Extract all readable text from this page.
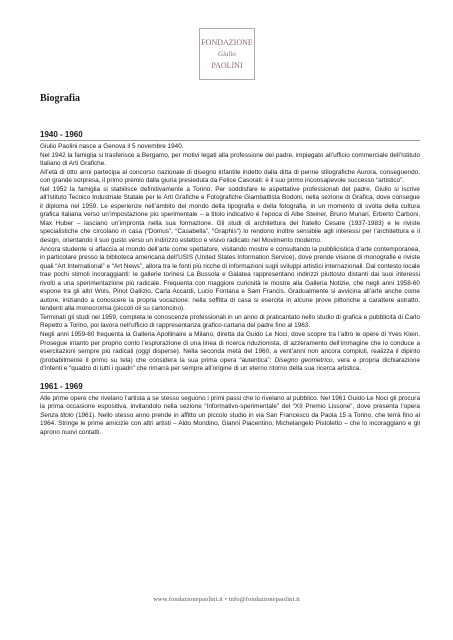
FONDAZIONE
Giulio
PAOLINI
Biografia
1940 - 1960

Giulio Paolini nasce a Genova il 5 novembre 1940.

Nel 1942 la famiglia si trasferisce a Bergamo, per motivi legati alla professione del padre, impiegato all’ufficio commerciale dell’Istituto Italiano di Arti Grafiche.

All’età di otto anni partecipa al concorso nazionale di disegno infantile indetto dalla ditta di penne stilografiche Aurora, conseguendo, con grande sorpresa, il primo premio dalla giuria presieduta da Felice Casorati: è il suo primo inconsapevole successo “artistico”.

Nel 1952 la famiglia si stabilisce definitivamente a Torino. Per soddisfare le aspettative professionali del padre, Giulio si iscrive all’Istituto Tecnico Industriale Statale per le Arti Grafiche e Fotografiche Giambattista Bodoni, nella sezione di Grafica, dove consegue il diploma nel 1959. Le esperienze nell’ambito del mondo della tipografia e della fotografia, in un momento di svolta della cultura grafica italiana verso un’impostazione più sperimentale – a titolo indicativo è l’epoca di Albe Steiner, Bruno Munari, Erberto Carboni, Max Huber – lasciano un’impronta nella sua formazione. Gli studi di architettura del fratello Cesare (1937-1983) e le riviste specialistiche che circolano in casa (“Domus”, “Casabella”, “Graphis”) lo rendono inoltre sensibile agli interessi per l’architettura e il design, orientando il suo gusto verso un indirizzo estetico e visivo radicato nel Movimento moderno.

Ancora studente si affaccia al mondo dell’arte come spettatore, visitando mostre e consultando la pubblicistica d’arte contemporanea, in particolare presso la biblioteca americana dell’USIS (United States Information Service), dove prende visione di monografie e riviste quali “Art International” e “Art News”, allora tra le fonti più ricche di informazioni sugli sviluppi artistici internazionali. Dal contesto locale trae pochi stimoli incoraggianti: le gallerie torinesi La Bussola e Galatea rappresentano indirizzi piuttosto distanti dai suoi interessi rivolti a una sperimentazione più radicale. Frequenta con maggiore curiosità le mostre alla Galleria Notizie, che negli anni 1958-60 espone tra gli altri Wols, Pinot Gallizio, Carla Accardi, Lucio Fontana e Sam Francis. Gradualmente si avvicina all’arte anche come autore, iniziando a conoscere la propria vocazione: nella soffitta di casa si esercita in alcune prove pittoriche a carattere astratto, tendenti alla monocromia (piccoli oli su cartoncino).

Terminati gli studi nel 1959, completa le conoscenze professionali in un anno di praticantato nello studio di grafica e pubblicità di Carlo Repetto a Torino, poi lavora nell’ufficio di rappresentanza grafico-cartaria del padre fino al 1963.

Negli anni 1959-60 frequenta la Galleria Apollinaire a Milano, diretta da Guido Le Noci, dove scopre tra l’altro le opere di Yves Klein. Prosegue intanto per proprio conto l’esplorazione di una linea di ricerca riduzionista, di azzeramento dell’immagine che lo conduce a esercitazioni sempre più radicali (oggi disperse). Nella seconda metà del 1960, a vent’anni non ancora compiuti, realizza il dipinto (probabilmente il primo su tela) che considera la sua prima opera “autentica”: Disegno geometrico, vera e propria dichiarazione d’intenti e “quadro di tutti i quadri” che rimarrà per sempre all’origine di un eterno ritorno della sua ricerca artistica.

1961 - 1969

Alle prime opere che rivelano l’artista a se stesso seguono i primi passi che lo rivelano al pubblico. Nel 1961 Guido Le Noci gli procura la prima occasione espositiva, invitandolo nella sezione “Informativo-sperimentale” del “XII Premio Lissone”, dove presenta l’opera Senza titolo (1961). Nello stesso anno prende in affitto un piccolo studio in via San Francesco da Paola 15 a Torino, che terrà fino al 1964. Stringe le prime amicizie con altri artisti – Aldo Mondino, Gianni Piacentino, Michelangelo Pistoletto – che lo incoraggiano e gli aprono nuovi contatti.

www.fondazionepaolini.it • info@fondazionepaolini.it
